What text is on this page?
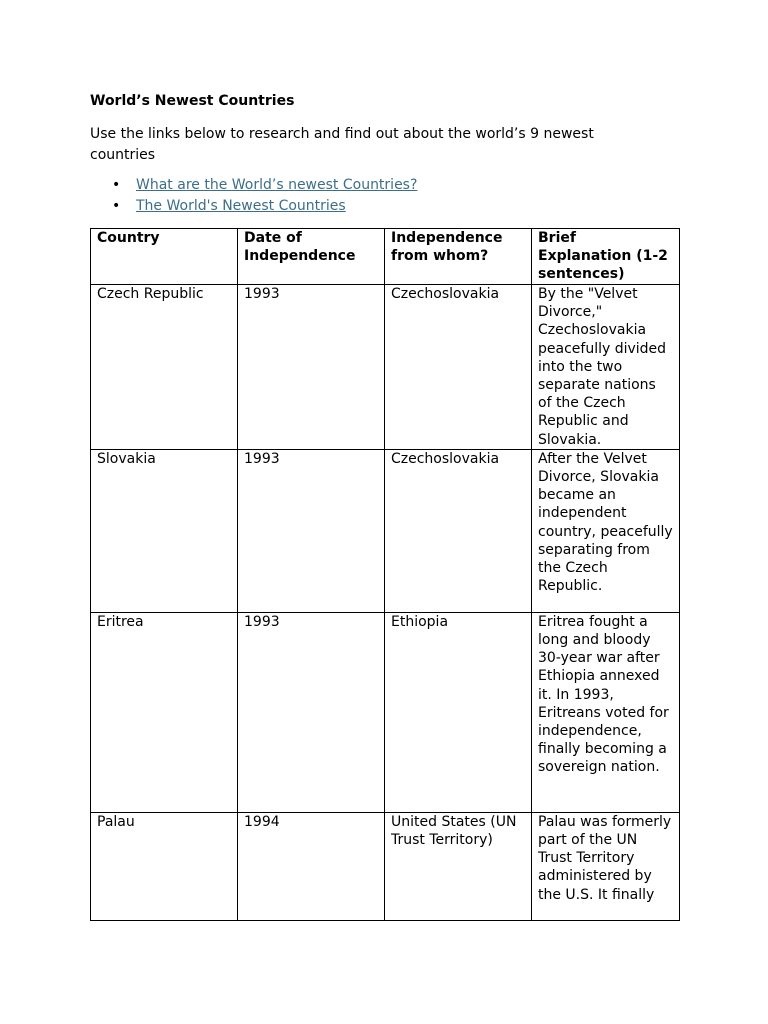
World’s Newest Countries

Use the links below to research and find out about the world’s 9 newest countries

• What are the World’s newest Countries?
• The World's Newest Countries
Country	Date of Independence	Independence from whom?	Brief Explanation (1-2 sentences)
Czech Republic	1993	Czechoslovakia	By the "Velvet Divorce," Czechoslovakia peacefully divided into the two separate nations of the Czech Republic and Slovakia.
Slovakia	1993	Czechoslovakia	After the Velvet Divorce, Slovakia became an independent country, peacefully separating from the Czech Republic.
Eritrea	1993	Ethiopia	Eritrea fought a long and bloody 30-year war after Ethiopia annexed it. In 1993, Eritreans voted for independence, finally becoming a sovereign nation.
Palau	1994	United States (UN Trust Territory)	Palau was formerly part of the UN Trust Territory administered by the U.S. It finally
